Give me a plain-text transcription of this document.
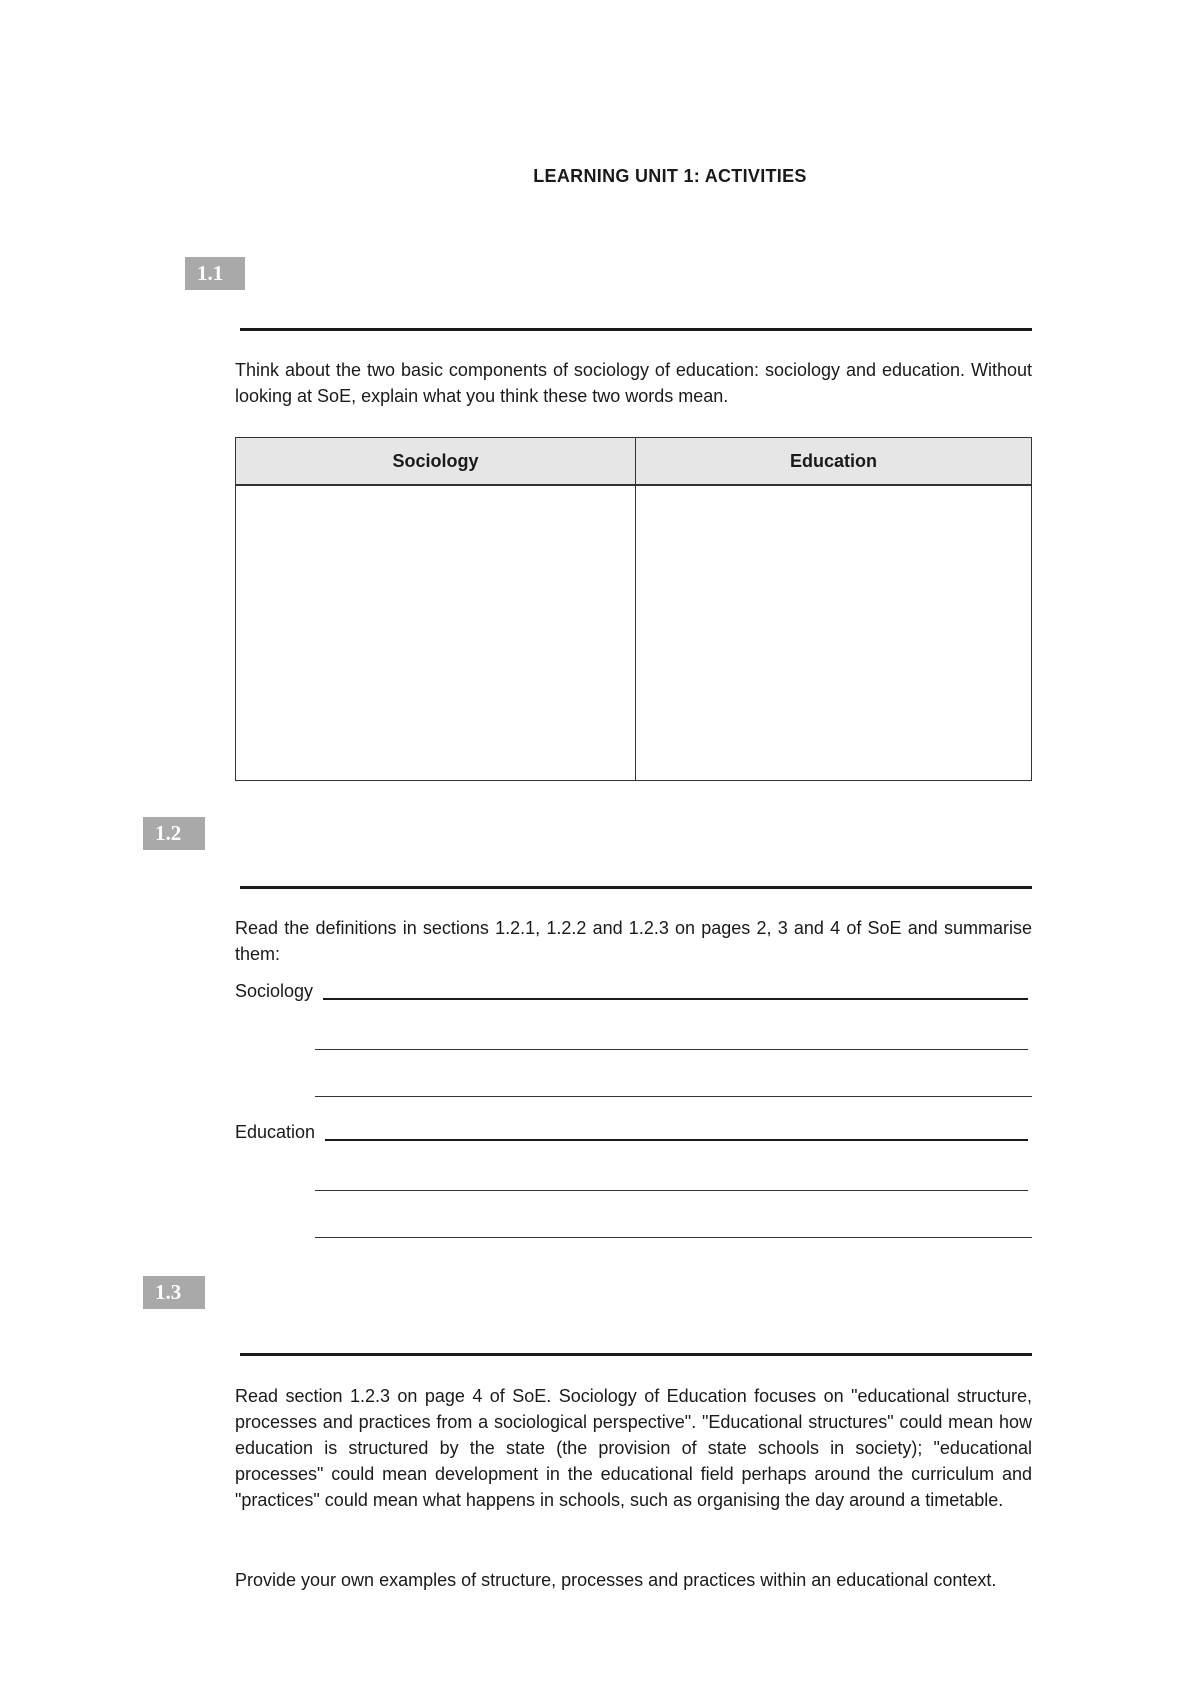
LEARNING UNIT 1: ACTIVITIES
1.1

Think about the two basic components of sociology of education: sociology and education. Without looking at SoE, explain what you think these two words mean.

Sociology	Education

1.2

Read the definitions in sections 1.2.1, 1.2.2 and 1.2.3 on pages 2, 3 and 4 of SoE and summarise them:

Sociology
Education
1.3

Read section 1.2.3 on page 4 of SoE. Sociology of Education focuses on "educational structure, processes and practices from a sociological perspective". "Educational structures" could mean how education is structured by the state (the provision of state schools in society); "educational processes" could mean development in the educational field perhaps around the curriculum and "practices" could mean what happens in schools, such as organising the day around a timetable.

Provide your own examples of structure, processes and practices within an educational context.
